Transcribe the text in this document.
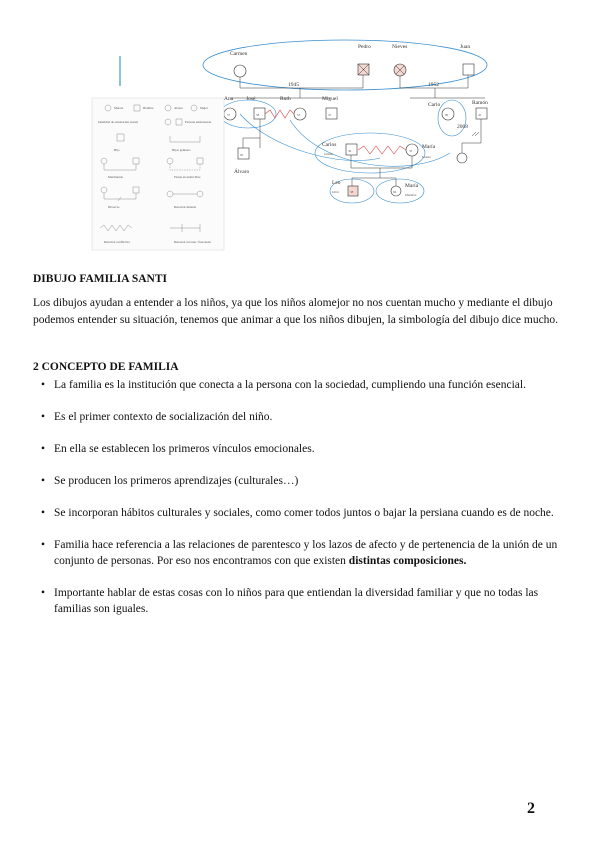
Carmen
Pedro	Nieves	Juan
1945	1952
Ana
57
José
58
Ruth
53
Miguel
47
Carlo
90
Ramón
45
2008
95
Álvaro
Carlos
Juliano
36	35
María
Monzó
Leo
Ichid	38	84
María
Malaifex
Muerte	Hombre	Aborto	Mujer
Identidad de orientación sexual	Persona embarazada
Hijo	Hijos gemelos
Matrimonio	Pareja en unión libre
Divorcio	Relación distante
Relación conflictiva	Relación cercana / fusionada
DIBUJO FAMILIA SANTI

Los dibujos ayudan a entender a los niños, ya que los niños alomejor no nos cuentan mucho y mediante el dibujo podemos entender su situación, tenemos que animar a que los niños dibujen, la simbología del dibujo dice mucho.

2 CONCEPTO DE FAMILIA
• La familia es la institución que conecta a la persona con la sociedad, cumpliendo una función esencial.
• Es el primer contexto de socialización del niño.
• En ella se establecen los primeros vínculos emocionales.
• Se producen los primeros aprendizajes (culturales…)
• Se incorporan hábitos culturales y sociales, como comer todos juntos o bajar la persiana cuando es de noche.
• Familia hace referencia a las relaciones de parentesco y los lazos de afecto y de pertenencia de la unión de un conjunto de personas. Por eso nos encontramos con que existen distintas composiciones.
• Importante hablar de estas cosas con lo niños para que entiendan la diversidad familiar y que no todas las familias son iguales.
2
